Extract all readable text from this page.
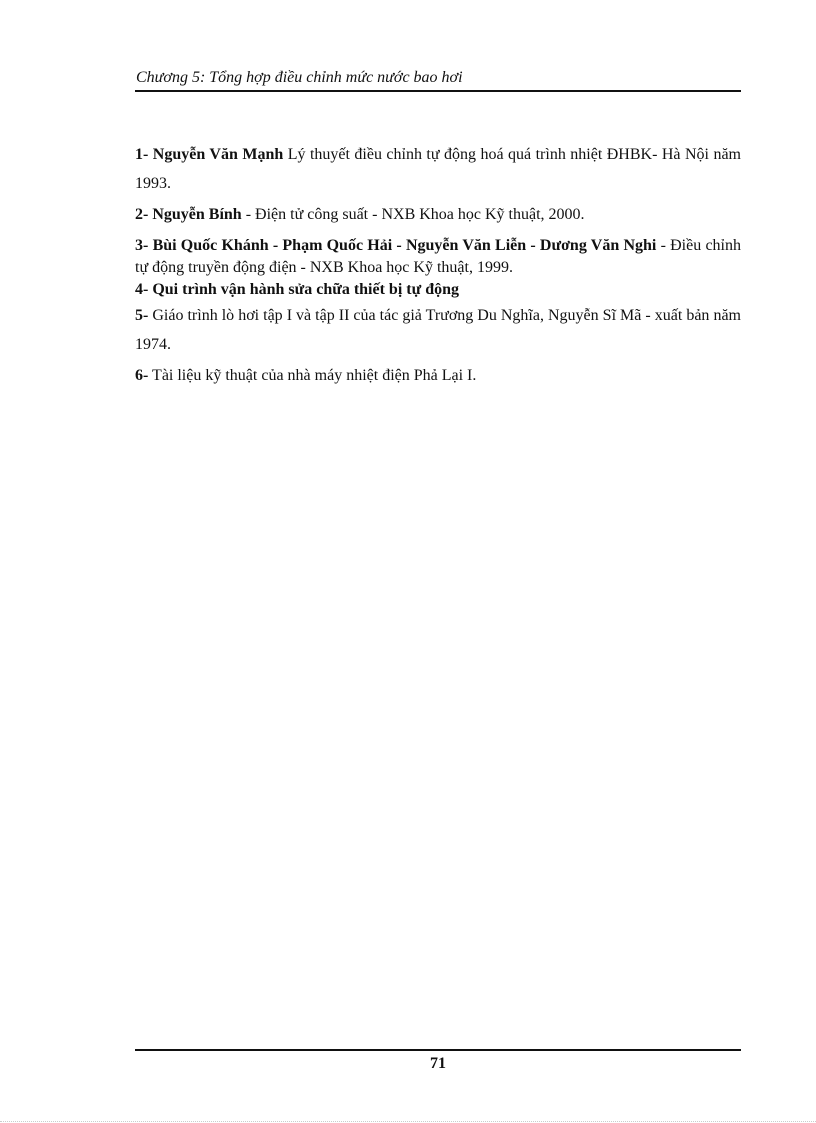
Chương 5: Tổng hợp điều chỉnh mức nước bao hơi

1- Nguyễn Văn Mạnh Lý thuyết điều chỉnh tự động hoá quá trình nhiệt ĐHBK- Hà Nội năm 1993.

2- Nguyễn Bính - Điện tử công suất - NXB Khoa học Kỹ thuật, 2000.

3- Bùi Quốc Khánh - Phạm Quốc Hải - Nguyễn Văn Liễn - Dương Văn Nghi - Điều chỉnh tự động truyền động điện - NXB Khoa học Kỹ thuật, 1999.

4- Qui trình vận hành sửa chữa thiết bị tự động

5- Giáo trình lò hơi tập I và tập II của tác giả Trương Du Nghĩa, Nguyễn Sĩ Mã - xuất bản năm 1974.

6- Tài liệu kỹ thuật của nhà máy nhiệt điện Phả Lại I.

71
